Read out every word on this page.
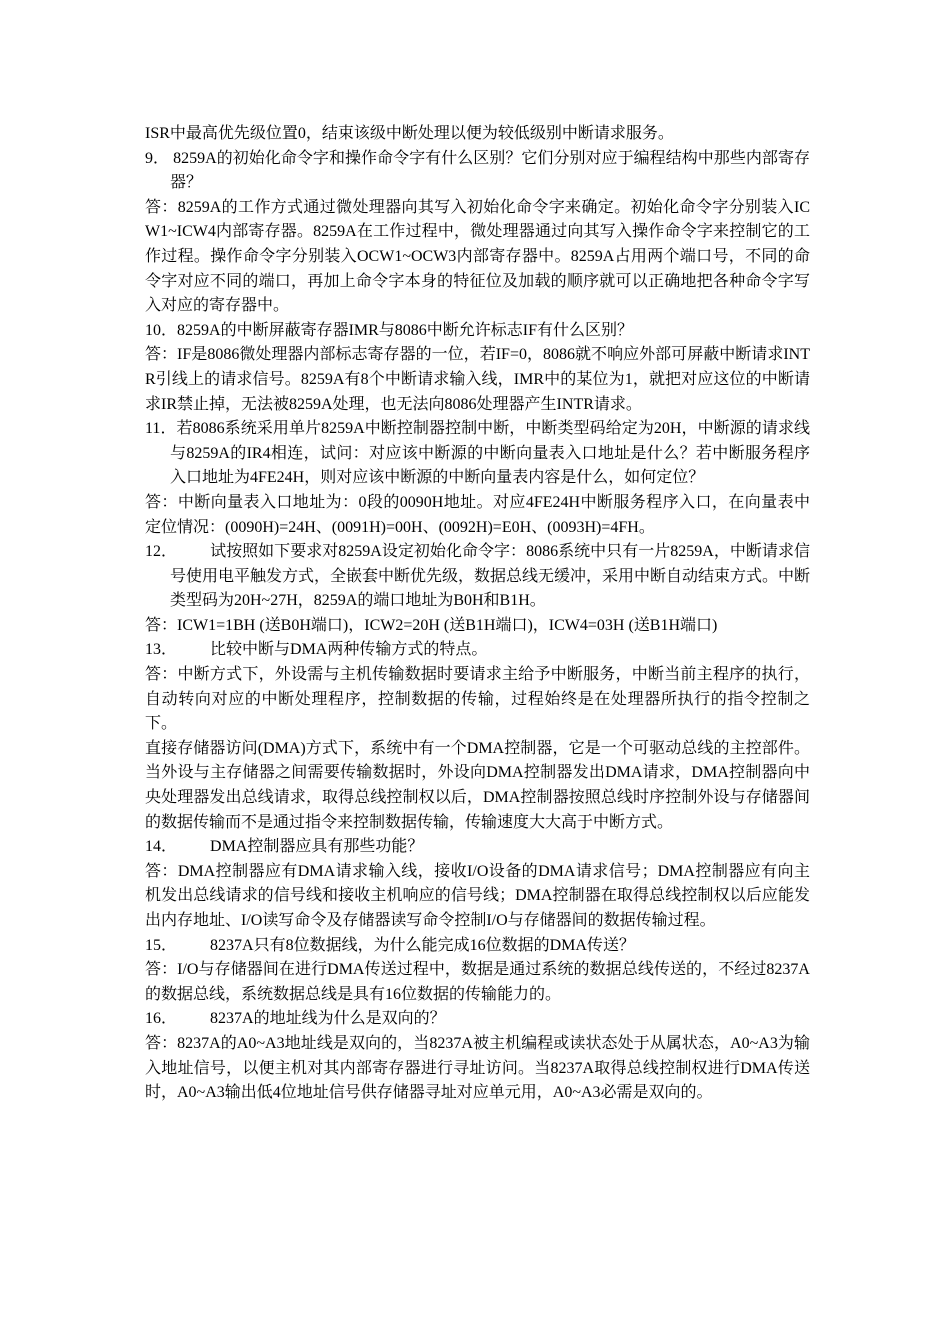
ISR中最高优先级位置0，结束该级中断处理以便为较低级别中断请求服务。

9． 8259A的初始化命令字和操作命令字有什么区别？它们分别对应于编程结构中那些内部寄存器？

答：8259A的工作方式通过微处理器向其写入初始化命令字来确定。初始化命令字分别装入ICW1~ICW4内部寄存器。8259A在工作过程中，微处理器通过向其写入操作命令字来控制它的工作过程。操作命令字分别装入OCW1~OCW3内部寄存器中。8259A占用两个端口号，不同的命令字对应不同的端口，再加上命令字本身的特征位及加载的顺序就可以正确地把各种命令字写入对应的寄存器中。

10．8259A的中断屏蔽寄存器IMR与8086中断允许标志IF有什么区别？

答：IF是8086微处理器内部标志寄存器的一位，若IF=0，8086就不响应外部可屏蔽中断请求INTR引线上的请求信号。8259A有8个中断请求输入线，IMR中的某位为1，就把对应这位的中断请求IR禁止掉，无法被8259A处理，也无法向8086处理器产生INTR请求。

11．若8086系统采用单片8259A中断控制器控制中断，中断类型码给定为20H，中断源的请求线与8259A的IR4相连，试问：对应该中断源的中断向量表入口地址是什么？若中断服务程序入口地址为4FE24H，则对应该中断源的中断向量表内容是什么，如何定位？

答：中断向量表入口地址为：0段的0090H地址。对应4FE24H中断服务程序入口，在向量表中定位情况：(0090H)=24H、(0091H)=00H、(0092H)=E0H、(0093H)=4FH。

12． 试按照如下要求对8259A设定初始化命令字：8086系统中只有一片8259A，中断请求信号使用电平触发方式，全嵌套中断优先级，数据总线无缓冲，采用中断自动结束方式。中断类型码为20H~27H，8259A的端口地址为B0H和B1H。

答：ICW1=1BH (送B0H端口)，ICW2=20H (送B1H端口)，ICW4=03H (送B1H端口)

13． 比较中断与DMA两种传输方式的特点。

答：中断方式下，外设需与主机传输数据时要请求主给予中断服务，中断当前主程序的执行，自动转向对应的中断处理程序，控制数据的传输，过程始终是在处理器所执行的指令控制之下。

直接存储器访问(DMA)方式下，系统中有一个DMA控制器，它是一个可驱动总线的主控部件。当外设与主存储器之间需要传输数据时，外设向DMA控制器发出DMA请求，DMA控制器向中央处理器发出总线请求，取得总线控制权以后，DMA控制器按照总线时序控制外设与存储器间的数据传输而不是通过指令来控制数据传输，传输速度大大高于中断方式。

14． DMA控制器应具有那些功能？

答：DMA控制器应有DMA请求输入线，接收I/O设备的DMA请求信号；DMA控制器应有向主机发出总线请求的信号线和接收主机响应的信号线；DMA控制器在取得总线控制权以后应能发出内存地址、I/O读写命令及存储器读写命令控制I/O与存储器间的数据传输过程。

15． 8237A只有8位数据线，为什么能完成16位数据的DMA传送？

答：I/O与存储器间在进行DMA传送过程中，数据是通过系统的数据总线传送的，不经过8237A的数据总线，系统数据总线是具有16位数据的传输能力的。

16． 8237A的地址线为什么是双向的？

答：8237A的A0~A3地址线是双向的，当8237A被主机编程或读状态处于从属状态，A0~A3为输入地址信号，以便主机对其内部寄存器进行寻址访问。当8237A取得总线控制权进行DMA传送时，A0~A3输出低4位地址信号供存储器寻址对应单元用，A0~A3必需是双向的。
